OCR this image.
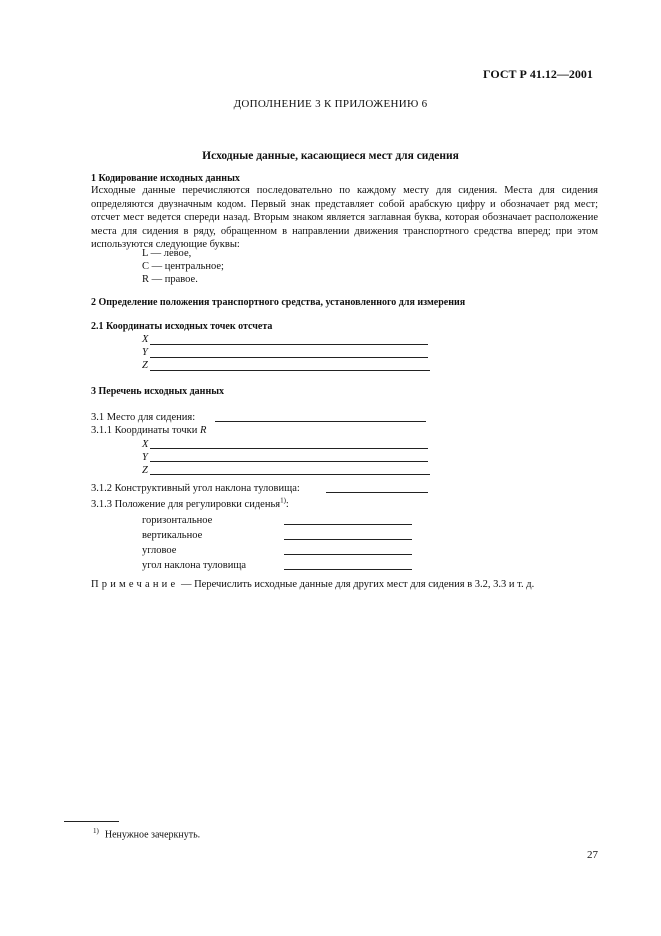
ГОСТ Р 41.12—2001
ДОПОЛНЕНИЕ 3 К ПРИЛОЖЕНИЮ 6
Исходные данные, касающиеся мест для сидения
1 Кодирование исходных данных
Исходные данные перечисляются последовательно по каждому месту для сидения. Места для сидения определяются двузначным кодом. Первый знак представляет собой арабскую цифру и обозначает ряд мест; отсчет мест ведется спереди назад. Вторым знаком является заглавная буква, которая обозначает расположение места для сидения в ряду, обращенном в направлении движения транспортного средства вперед; при этом используются следующие буквы:
L — левое,
C — центральное;
R — правое.
2 Определение положения транспортного средства, установленного для измерения
2.1 Координаты исходных точек отсчета
X
Y
Z
3 Перечень исходных данных
3.1 Место для сидения:
3.1.1 Координаты точки R
X
Y
Z
3.1.2 Конструктивный угол наклона туловища:
3.1.3 Положение для регулировки сиденья$^{1)}$:
горизонтальное
вертикальное
угловое
угол наклона туловища
Примечание — Перечислить исходные данные для других мест для сидения в 3.2, 3.3 и т. д.
$^{1)}$ Ненужное зачеркнуть.
27
